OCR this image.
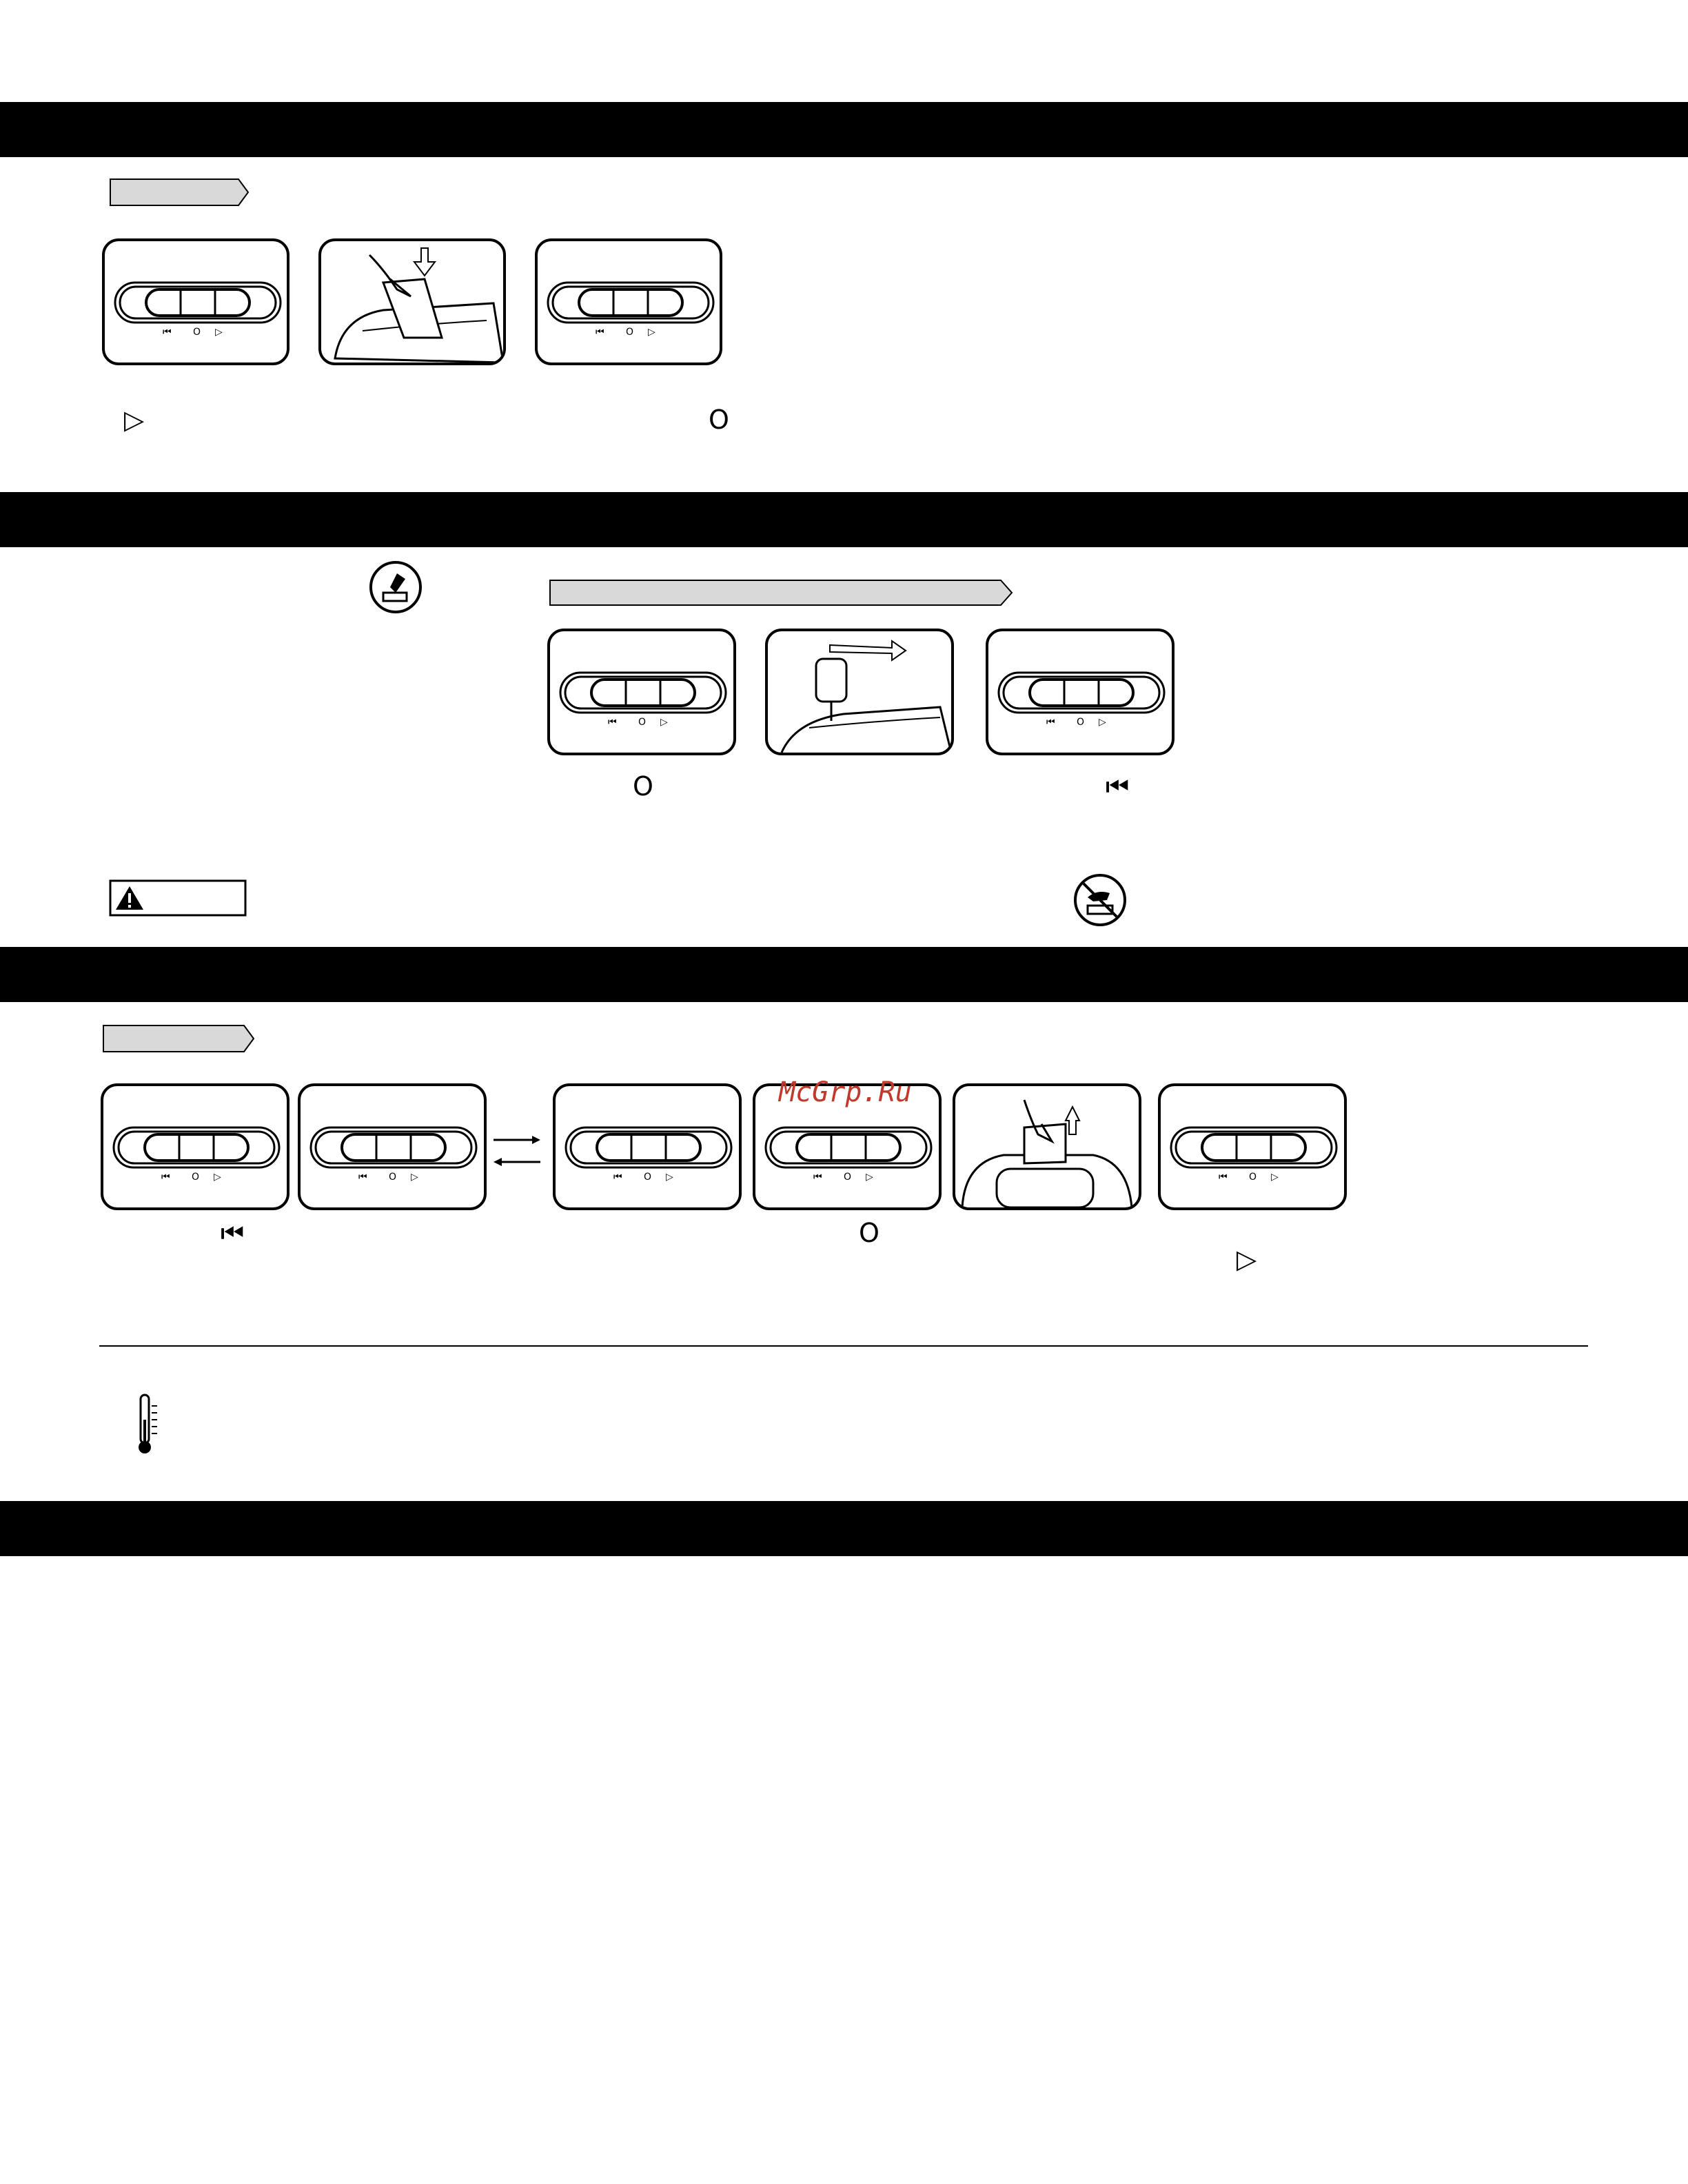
▷	O
O	⏮
McGrp.Ru
⏮	O
▷
